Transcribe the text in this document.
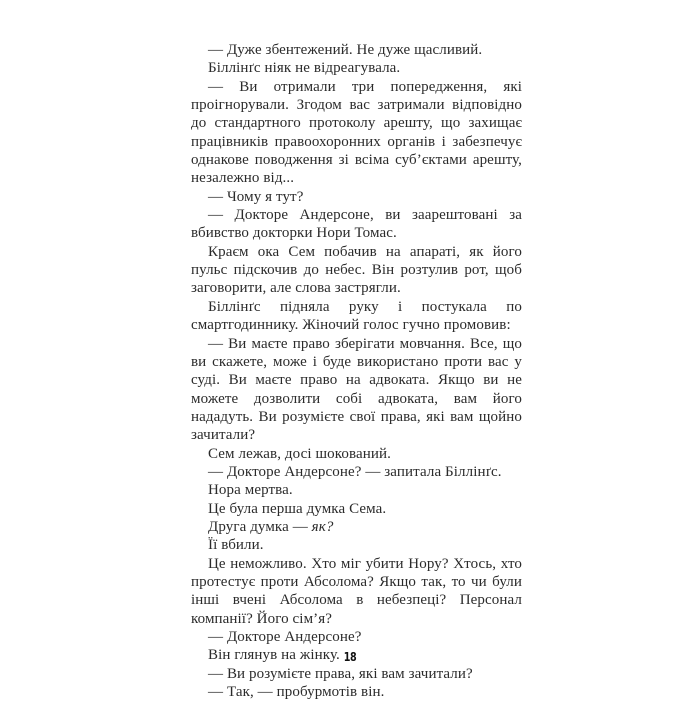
— Дуже збентежений. Не дуже щасливий.

Біллінґс ніяк не відреагувала.

— Ви отримали три попередження, які проігнорували. Згодом вас затримали відповідно до стандартного протоколу арешту, що захищає працівників правоохоронних органів і забезпечує однакове поводження зі всіма суб’єктами арешту, незалежно від...

— Чому я тут?

— Докторе Андерсоне, ви заарештовані за вбивство докторки Нори Томас.

Краєм ока Сем побачив на апараті, як його пульс підскочив до небес. Він розтулив рот, щоб заговорити, але слова застрягли.

Біллінґс підняла руку і постукала по смартгодиннику. Жіночий голос гучно промовив:

— Ви маєте право зберігати мовчання. Все, що ви скажете, може і буде використано проти вас у суді. Ви маєте право на адвоката. Якщо ви не можете дозволити собі адвоката, вам його нададуть. Ви розумієте свої права, які вам щойно зачитали?

Сем лежав, досі шокований.

— Докторе Андерсоне? — запитала Біллінґс.

Нора мертва.

Це була перша думка Сема.

Друга думка — як?

Її вбили.

Це неможливо. Хто міг убити Нору? Хтось, хто протестує проти Абсолома? Якщо так, то чи були інші вчені Абсолома в небезпеці? Персонал компанії? Його сім’я?

— Докторе Андерсоне?

Він глянув на жінку.

— Ви розумієте права, які вам зачитали?

— Так, — пробурмотів він.

18
